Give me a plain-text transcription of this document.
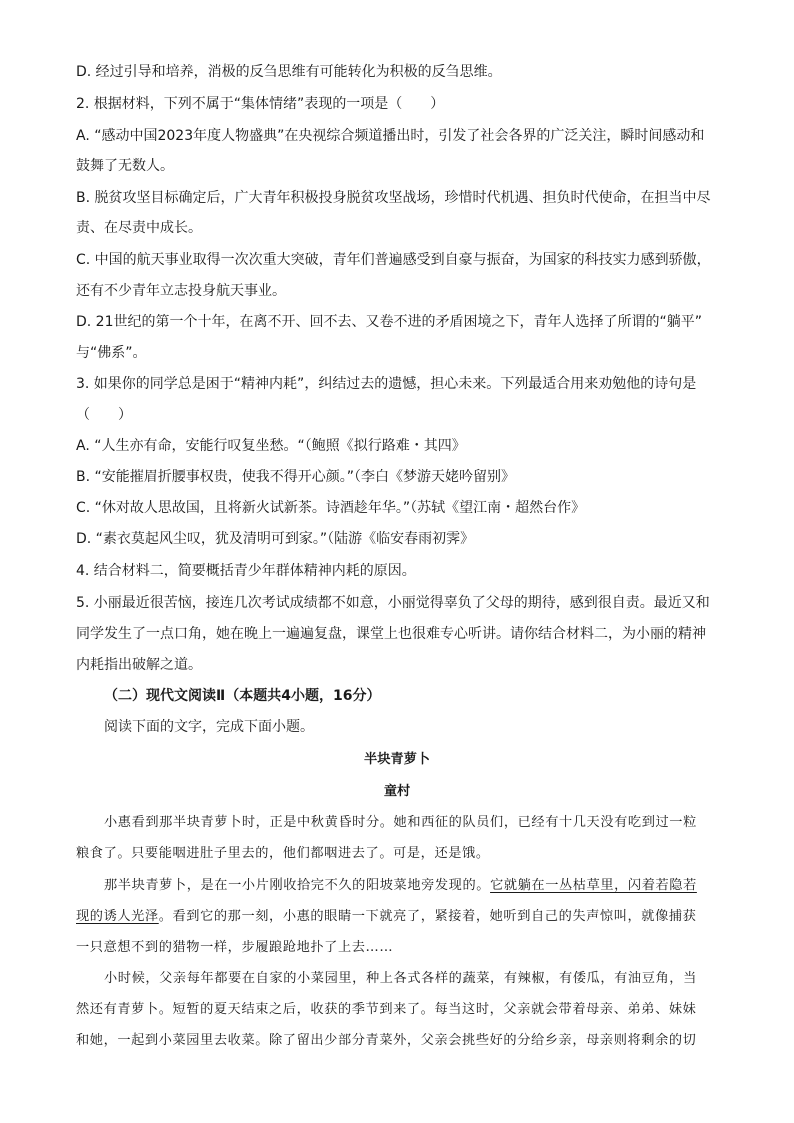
D. 经过引导和培养，消极的反刍思维有可能转化为积极的反刍思维。
2. 根据材料，下列不属于“集体情绪”表现的一项是（　　）
A. “感动中国2023年度人物盛典”在央视综合频道播出时，引发了社会各界的广泛关注，瞬时间感动和
鼓舞了无数人。
B. 脱贫攻坚目标确定后，广大青年积极投身脱贫攻坚战场，珍惜时代机遇、担负时代使命，在担当中尽
责、在尽责中成长。
C. 中国的航天事业取得一次次重大突破，青年们普遍感受到自豪与振奋，为国家的科技实力感到骄傲，
还有不少青年立志投身航天事业。
D. 21世纪的第一个十年，在离不开、回不去、又卷不进的矛盾困境之下，青年人选择了所谓的“躺平”
与“佛系”。
3. 如果你的同学总是困于“精神内耗”，纠结过去的遗憾，担心未来。下列最适合用来劝勉他的诗句是
（　　）
A. “人生亦有命，安能行叹复坐愁。“（鲍照《拟行路难・其四》
B. “安能摧眉折腰事权贵，使我不得开心颜。”（李白《梦游天姥吟留别》
C. “休对故人思故国，且将新火试新茶。诗酒趁年华。”（苏轼《望江南・超然台作》
D. “素衣莫起风尘叹，犹及清明可到家。”（陆游《临安春雨初霁》
4. 结合材料二，简要概括青少年群体精神内耗的原因。
5. 小丽最近很苦恼，接连几次考试成绩都不如意，小丽觉得辜负了父母的期待，感到很自责。最近又和
同学发生了一点口角，她在晚上一遍遍复盘，课堂上也很难专心听讲。请你结合材料二，为小丽的精神
内耗指出破解之道。
（二）现代文阅读Ⅱ（本题共4小题，16分）
阅读下面的文字，完成下面小题。
半块青萝卜
童村
小惠看到那半块青萝卜时，正是中秋黄昏时分。她和西征的队员们，已经有十几天没有吃到过一粒
粮食了。只要能咽进肚子里去的，他们都咽进去了。可是，还是饿。
那半块青萝卜，是在一小片刚收拾完不久的阳坡菜地旁发现的。它就躺在一丛枯草里，闪着若隐若
现的诱人光泽。看到它的那一刻，小惠的眼睛一下就亮了，紧接着，她听到自己的失声惊叫，就像捕获
一只意想不到的猎物一样，步履踉跄地扑了上去……
小时候，父亲每年都要在自家的小菜园里，种上各式各样的蔬菜，有辣椒，有倭瓜，有油豆角，当
然还有青萝卜。短暂的夏天结束之后，收获的季节到来了。每当这时，父亲就会带着母亲、弟弟、妹妹
和她，一起到小菜园里去收菜。除了留出少部分青菜外，父亲会挑些好的分给乡亲，母亲则将剩余的切
